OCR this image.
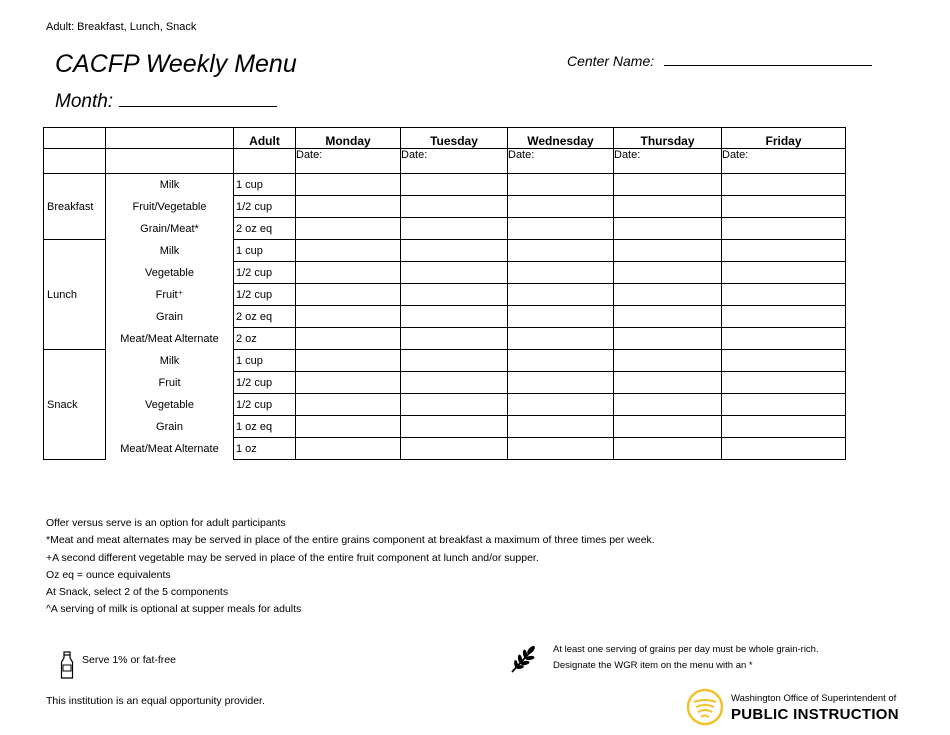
Adult: Breakfast, Lunch, Snack
CACFP Weekly Menu
Month:
Center Name:
		Adult	Monday	Tuesday	Wednesday	Thursday	Friday
			Date:	Date:	Date:	Date:	Date:
Breakfast	Milk	1 cup					
	Fruit/Vegetable	1/2 cup					
	Grain/Meat*	2 oz eq					
Lunch	Milk	1 cup					
	Vegetable	1/2 cup					
	Fruit⁺	1/2 cup					
	Grain	2 oz eq					
	Meat/Meat Alternate	2 oz					
Snack	Milk	1 cup					
	Fruit	1/2 cup					
	Vegetable	1/2 cup					
	Grain	1 oz eq					
	Meat/Meat Alternate	1 oz					
Offer versus serve is an option for adult participants
*Meat and meat alternates may be served in place of the entire grains component at breakfast a maximum of three times per week.
+A second different vegetable may be served in place of the entire fruit component at lunch and/or supper.
Oz eq = ounce equivalents
At Snack, select 2 of the 5 components
^A serving of milk is optional at supper meals for adults
Serve 1% or fat-free
This institution is an equal opportunity provider.
At least one serving of grains per day must be whole grain-rich.
Designate the WGR item on the menu with an *
Washington Office of Superintendent of
PUBLIC INSTRUCTION
